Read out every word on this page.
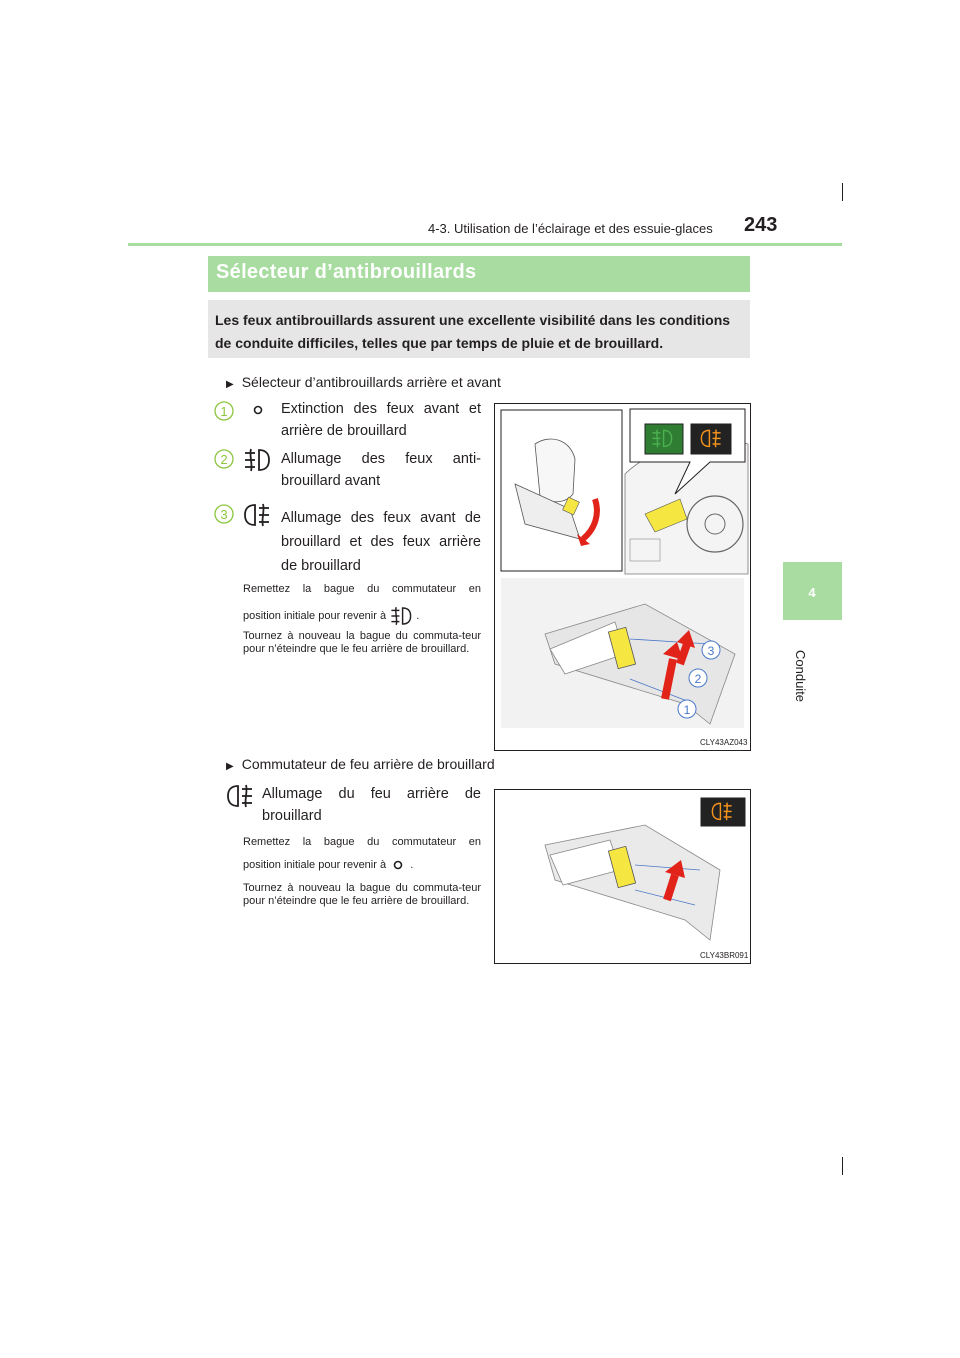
4-3. Utilisation de l’éclairage et des essuie-glaces 243
4
Conduite
Sélecteur d’antibrouillards
Les feux antibrouillards assurent une excellente visibilité dans les conditions de conduite difficiles, telles que par temps de pluie et de brouillard.
▶ Sélecteur d’antibrouillards arrière et avant
1	Extinction des feux avant et
arrière de brouillard
2	Allumage des feux anti-
brouillard avant
3	Allumage des feux avant de
brouillard et des feux arrière
de brouillard
Remettez la bague du commutateur en
position initiale pour revenir à	.
Tournez à nouveau la bague du commuta-teur pour n’éteindre que le feu arrière de brouillard.	3
2
1
CLY43AZ043
▶ Commutateur de feu arrière de brouillard
Allumage du feu arrière de
brouillard
Remettez la bague du commutateur en
position initiale pour revenir à .
Tournez à nouveau la bague du commuta-teur pour n’éteindre que le feu arrière de brouillard.
CLY43BR091
